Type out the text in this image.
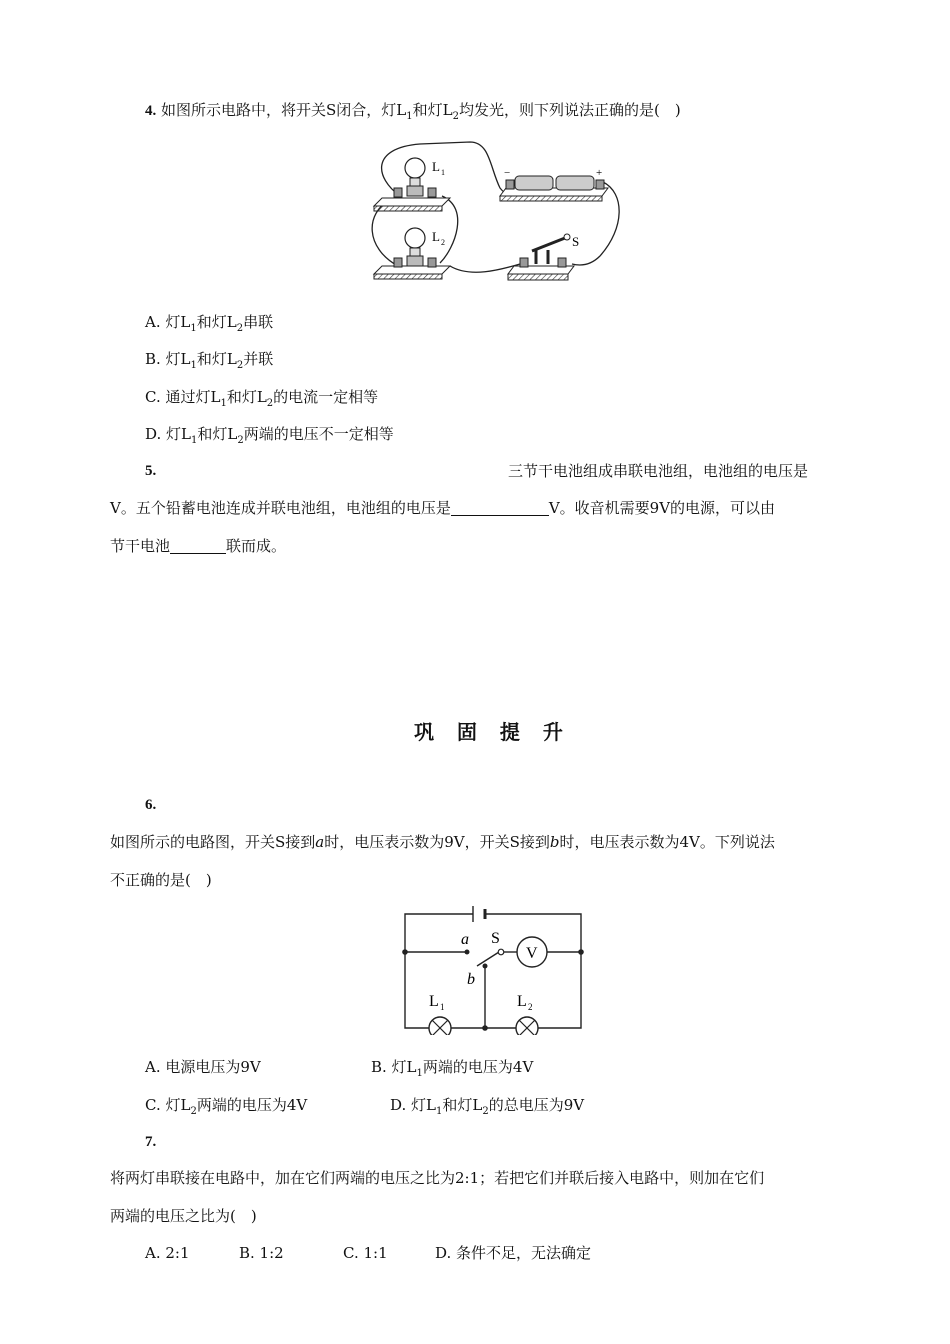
4. 如图所示电路中，将开关S闭合，灯$L_1$和灯$L_2$均发光，则下列说法正确的是(　)
L 1
L 2	S
−	+
A. 灯$L_1$和灯$L_2$串联
B. 灯$L_1$和灯$L_2$并联
C. 通过灯$L_1$和灯$L_2$的电流一定相等
D. 灯$L_1$和灯$L_2$两端的电压不一定相等
5.	三节干电池组成串联电池组，电池组的电压是
V。五个铅蓄电池连成并联电池组，电池组的电压是	V。收音机需要9V的电源，可以由
节干电池	联而成。
巩 固 提 升
6.
如图所示的电路图，开关S接到a时，电压表示数为9V，开关S接到b时，电压表示数为4V。下列说法
不正确的是(　)
V
a S
b
L 1	L 2
A. 电源电压为9V	B. 灯$L_1$两端的电压为4V
C. 灯$L_2$两端的电压为4V	D. 灯$L_1$和灯$L_2$的总电压为9V
7.
将两灯串联接在电路中，加在它们两端的电压之比为2:1；若把它们并联后接入电路中，则加在它们
两端的电压之比为(　)
A. 2:1	B. 1:2	C. 1:1	D. 条件不足，无法确定
